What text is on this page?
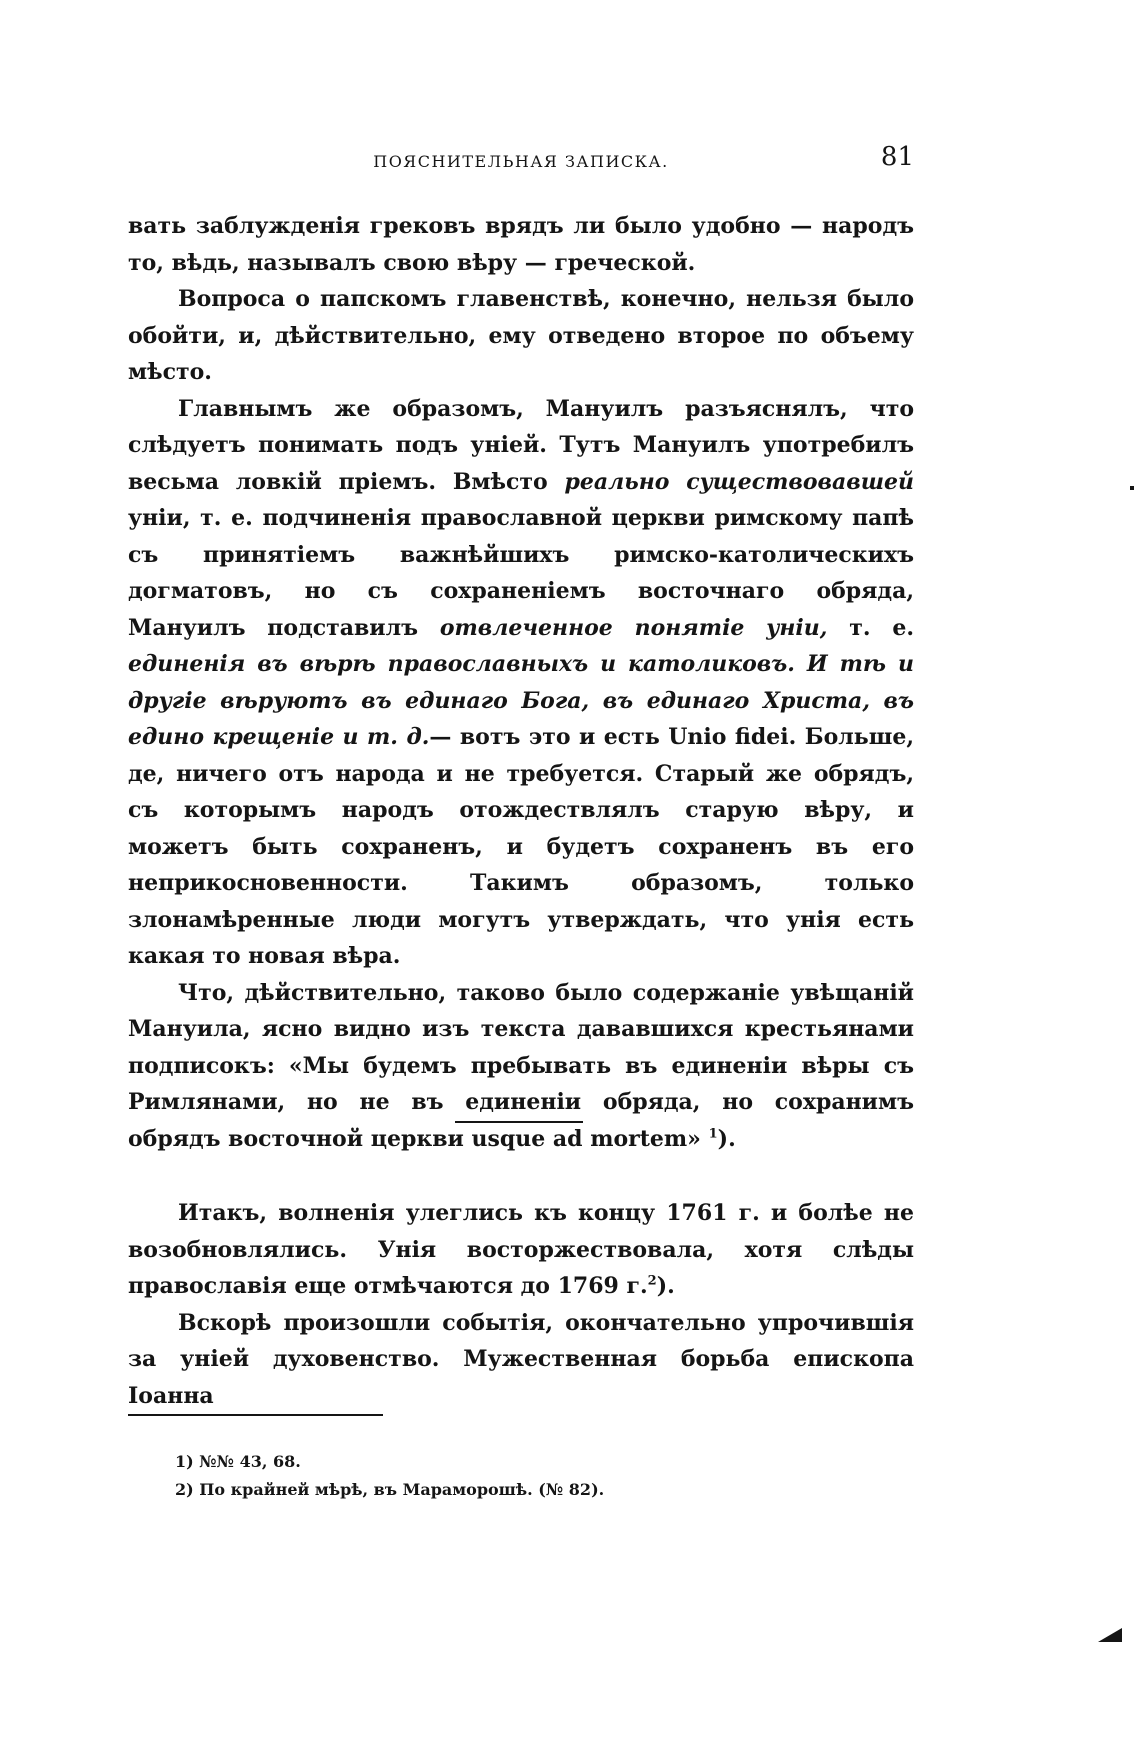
ПОЯСНИТЕЛЬНАЯ ЗАПИСКА.	81

вать заблужденія грековъ врядъ ли было удобно — народъ то, вѣдь, называлъ свою вѣру — греческой.

Вопроса о папскомъ главенствѣ, конечно, нельзя было обойти, и, дѣйствительно, ему отведено второе по объему мѣсто.

Главнымъ же образомъ, Мануилъ разъяснялъ, что слѣдуетъ понимать подъ уніей. Тутъ Мануилъ употребилъ весьма ловкій пріемъ. Вмѣсто реально существовавшей уніи, т. е. подчиненія православной церкви римскому папѣ съ принятіемъ важнѣйшихъ римско-католическихъ догматовъ, но съ сохраненіемъ восточнаго обряда, Мануилъ подставилъ отвлеченное понятіе уніи, т. е. единенія въ вѣрѣ православныхъ и католиковъ. И тѣ и другіе вѣруютъ въ единаго Бога, въ единаго Христа, въ едино крещеніе и т. д.— вотъ это и есть Unio fidei. Больше, де, ничего отъ народа и не требуется. Старый же обрядъ, съ которымъ народъ отождествлялъ старую вѣру, и можетъ быть сохраненъ, и будетъ сохраненъ въ его неприкосновенности. Такимъ образомъ, только злонамѣренные люди могутъ утверждать, что унія есть какая то новая вѣра.

Что, дѣйствительно, таково было содержаніе увѣщаній Мануила, ясно видно изъ текста дававшихся крестьянами подписокъ: «Мы будемъ пребывать въ единеніи вѣры съ Римлянами, но не въ единеніи обряда, но сохранимъ обрядъ восточной церкви usque ad mortem» $^1$).

Итакъ, волненія улеглись къ концу 1761 г. и болѣе не возобновлялись. Унія восторжествовала, хотя слѣды православія еще отмѣчаются до 1769 г.$^2$).

Вскорѣ произошли событія, окончательно упрочившія за уніей духовенство. Мужественная борьба епископа Іоанна

1) №№ 43, 68.
2) По крайней мѣрѣ, въ Мараморошѣ. (№ 82).
